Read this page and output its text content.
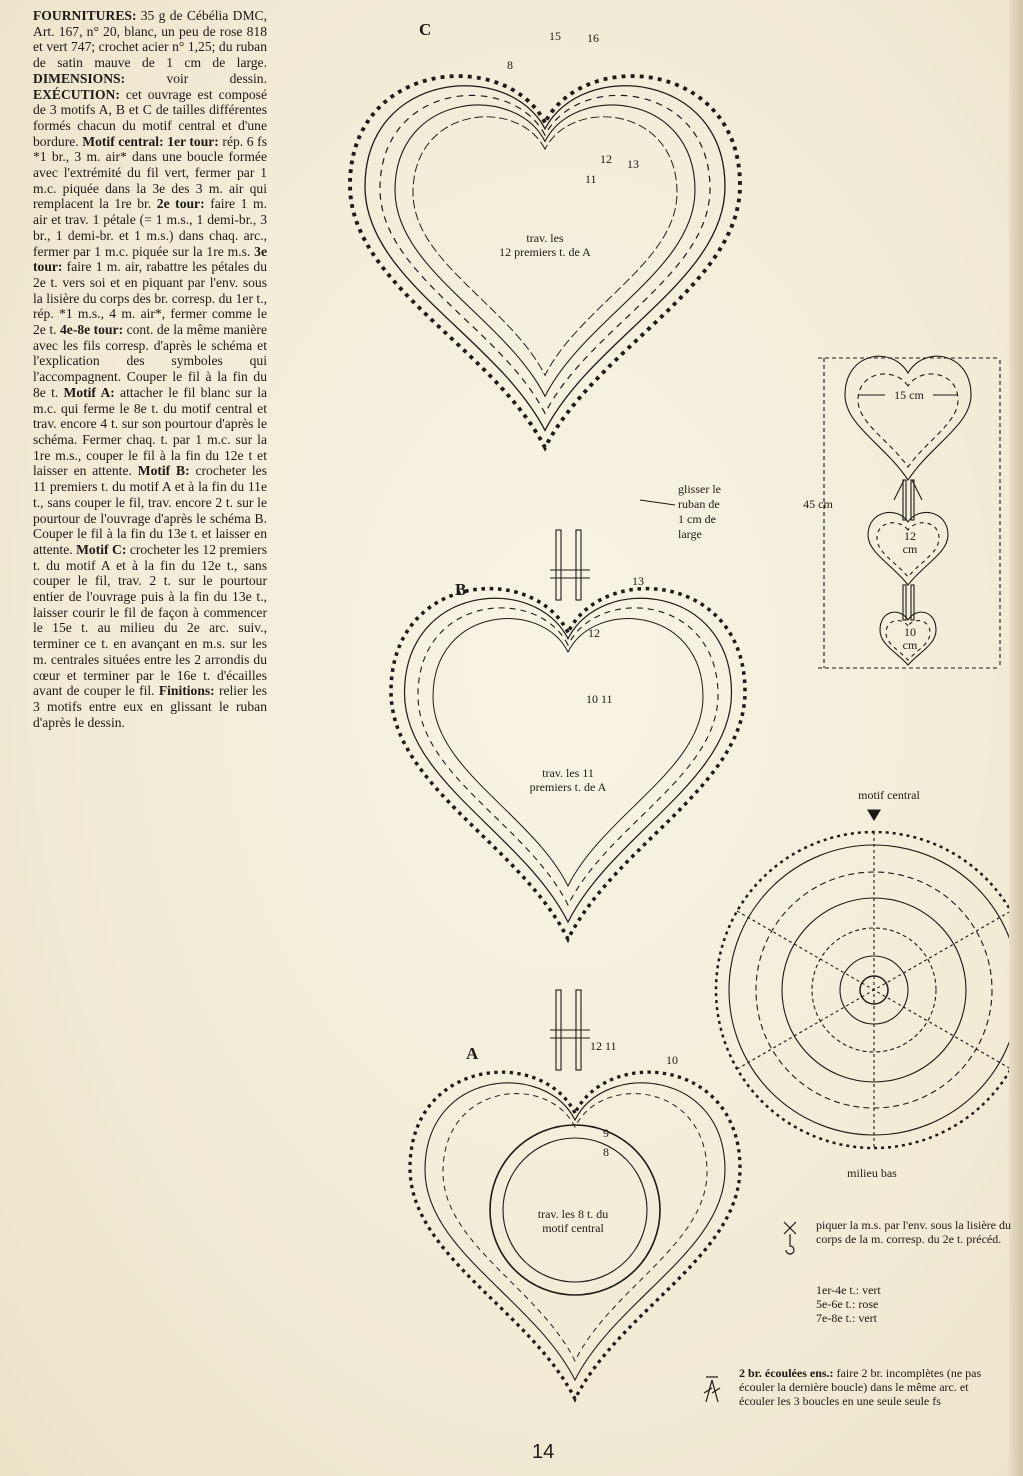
FOURNITURES: 35 g de Cébélia DMC, Art. 167, n° 20, blanc, un peu de rose 818 et vert 747; crochet acier n° 1,25; du ruban de satin mauve de 1 cm de large. DIMENSIONS: voir dessin. EXÉCUTION: cet ouvrage est composé de 3 motifs A, B et C de tailles différentes formés chacun du motif central et d'une bordure. Motif central: 1er tour: rép. 6 fs *1 br., 3 m. air* dans une boucle formée avec l'extrémité du fil vert, fermer par 1 m.c. piquée dans la 3e des 3 m. air qui remplacent la 1re br. 2e tour: faire 1 m. air et trav. 1 pétale (= 1 m.s., 1 demi-br., 3 br., 1 demi-br. et 1 m.s.) dans chaq. arc., fermer par 1 m.c. piquée sur la 1re m.s. 3e tour: faire 1 m. air, rabattre les pétales du 2e t. vers soi et en piquant par l'env. sous la lisière du corps des br. corresp. du 1er t., rép. *1 m.s., 4 m. air*, fermer comme le 2e t. 4e-8e tour: cont. de la même manière avec les fils corresp. d'après le schéma et l'explication des symboles qui l'accompagnent. Couper le fil à la fin du 8e t. Motif A: attacher le fil blanc sur la m.c. qui ferme le 8e t. du motif central et trav. encore 4 t. sur son pourtour d'après le schéma. Fermer chaq. t. par 1 m.c. sur la 1re m.s., couper le fil à la fin du 12e t et laisser en attente. Motif B: crocheter les 11 premiers t. du motif A et à la fin du 11e t., sans couper le fil, trav. encore 2 t. sur le pourtour de l'ouvrage d'après le schéma B. Couper le fil à la fin du 13e t. et laisser en attente. Motif C: crocheter les 12 premiers t. du motif A et à la fin du 12e t., sans couper le fil, trav. 2 t. sur le pourtour entier de l'ouvrage puis à la fin du 13e t., laisser courir le fil de façon à commencer le 15e t. au milieu du 2e arc. suiv., terminer ce t. en avançant en m.s. sur les m. centrales situées entre les 2 arrondis du cœur et terminer par le 16e t. d'écailles avant de couper le fil. Finitions: relier les 3 motifs entre eux en glissant le ruban d'après le dessin.

C
trav. les
12 premiers t. de A
15 16
8
12 13
11
glisser le
ruban de
1 cm de
large
B
trav. les 11
premiers t. de A
13
12
10 11
A
trav. les 8 t. du
motif central
12 11
10
9
8
45 cm
15 cm
12
cm
10
cm
motif central
milieu bas
piquer la m.s. par l'env. sous la lisière du corps de la m. corresp. du 2e t. précéd.
1er-4e t.: vert
5e-6e t.: rose
7e-8e t.: vert
2 br. écoulées ens.: faire 2 br. incomplètes (ne pas écouler la dernière boucle) dans le même arc. et écouler les 3 boucles en une seule seule fs
14
